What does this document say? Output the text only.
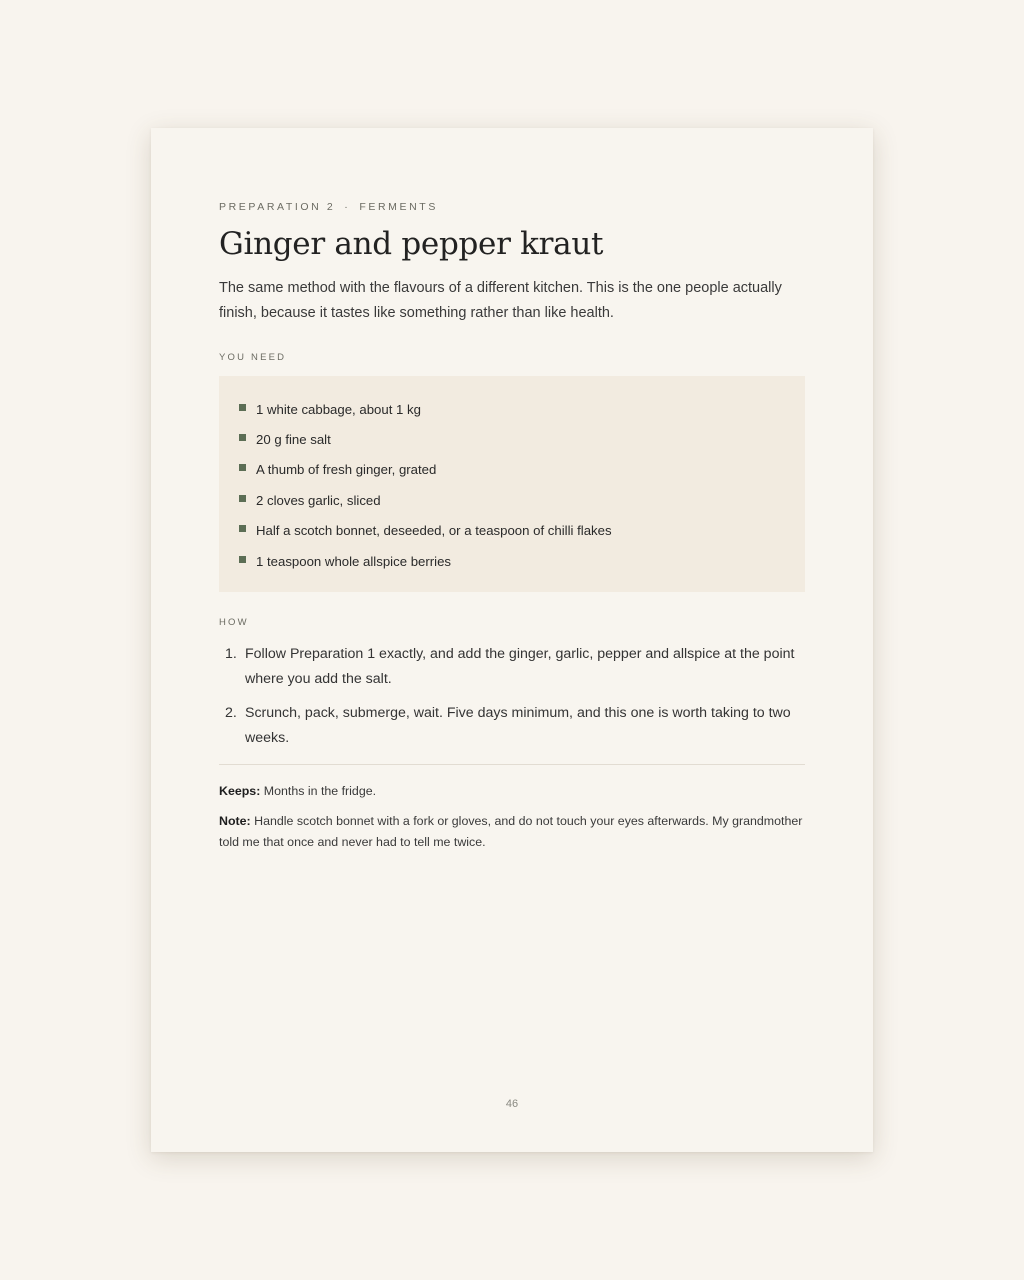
PREPARATION 2 · FERMENTS
Ginger and pepper kraut

The same method with the flavours of a different kitchen. This is the one people actually finish, because it tastes like something rather than like health.

YOU NEED
1 white cabbage, about 1 kg
20 g fine salt
A thumb of fresh ginger, grated
2 cloves garlic, sliced
Half a scotch bonnet, deseeded, or a teaspoon of chilli flakes
1 teaspoon whole allspice berries
HOW
1. Follow Preparation 1 exactly, and add the ginger, garlic, pepper and allspice at the point where you add the salt.
2. Scrunch, pack, submerge, wait. Five days minimum, and this one is worth taking to two weeks.
Keeps: Months in the fridge.
Note: Handle scotch bonnet with a fork or gloves, and do not touch your eyes afterwards. My grandmother told me that once and never had to tell me twice.
46
